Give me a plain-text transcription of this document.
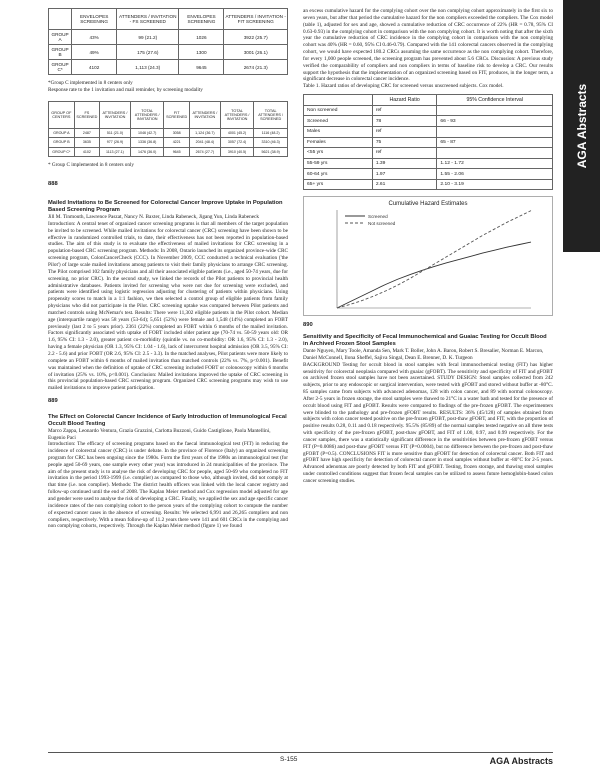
	ENVELOPES SCREENING	ATTENDERS / INVITATION - FS SCREENED	ENVELOPES SCREENING	ATTENDERS / INVITATION - FIT SCREENING
GROUP A	43%	99 (21.2)	1026	3922 (25.7)
GROUP B	49%	175 (27.6)	1300	3001 (26.1)
GROUP C*	4102	1,113 (24.3)	9645	2674 (21.3)

*Group C implemented in 8 centers only

Response rate to the 1 invitation and mail reminder, by screening modality

GROUP OF CENTERS	FS SCREENED	ATTENDERS / INVITATION	TOTAL ATTENDERS / INVITATION	FIT SCREENED	ATTENDERS / INVITATION	TOTAL ATTENDERS / INVITATION	TOTAL ATTENDERS / SCREENED
GROUP A	2487	511 (21.0)	1046 (42.7)	3058	1,124 (36.7)	4001 (45.2)	1116 (48.2)
GROUP B	3635	977 (26.9)	1336 (36.8)	4221	2041 (48.4)	3057 (72.4)	3310 (46.3)
GROUP C*	4102	1113 (27.1)	1476 (36.0)	9645	2674 (27.7)	3910 (40.5)	5621 (38.9)

* Group C implemented in 8 centers only

888

Mailed Invitations to Be Screened for Colorectal Cancer Improve Uptake in Population Based Screening Program

Jill M. Tinmouth, Lawrence Paszat, Nancy N. Baxter, Linda Rabeneck, Jigang Yun, Linda Rabeneck

Introduction: A central tenet of organized cancer screening programs is that all members of the target population be invited to be screened. While mailed invitations for colorectal cancer (CRC) screening have been shown to be effective in randomized controlled trials, to date, their effectiveness has not been reported in population-based studies. The aim of this study is to evaluate the effectiveness of mailed invitations for CRC screening in a population-based CRC screening program. Methods: In 2008, Ontario launched its organized province-wide CRC screening program, ColonCancerCheck (CCC). In November 2009, CCC conducted a technical evaluation ('the Pilot') of large scale mailed invitations among patients to visit their family physicians to arrange CRC screening. The Pilot comprised 102 family physicians and all their associated eligible patients (i.e., aged 50-74 years, due for screening, no prior CRC). In the second study, we linked the records of the Pilot patients to provincial health administrative databases. Patients invited for screening who were not due for screening were excluded, and patients were identified using logistic regression adjusting for clustering of patients within physicians. Using propensity scores to match in a 1:1 fashion, we then selected a control group of eligible patients from family physicians who did not participate in the Pilot. CRC screening uptake was compared between Pilot patients and matched controls using McNemar's test. Results: There were 11,302 eligible patients in the Pilot cohort. Median age (interquartile range) was 58 years (53-64); 5,651 (52%) were female and 1,548 (14%) completed an FOBT previously (last 2 to 5 years prior). 2361 (22%) completed an FOBT within 6 months of the mailed invitation. Factors significantly associated with uptake of FOBT included older patient age (70-74 vs. 50-59 years old: OR 1.6, 95% CI: 1.3 - 2.0), greater patient co-morbidity (quintile vs. no co-morbidity: OR 1.6, 95% CI: 1.3 - 2.0), having a female physician (OR 1.3, 95% CI: 1.04 - 1.6), lack of intercurrent hospital admission (OR 3.5, 95% CI: 2.2 - 5.6) and prior FOBT (OR 2.6, 95% CI: 2.5 - 3.3). In the matched analyses, Pilot patients were more likely to complete an FOBT within 6 months of mailed invitation than matched controls (22% vs. 7%, p<0.001). Benefit was maintained when the definition of uptake of CRC screening included FOBT or colonoscopy within 6 months of invitation (25% vs. 10%, p<0.001). Conclusion: Mailed invitations improved the uptake of CRC screening in this provincial population-based CRC screening program. Organized CRC screening programs may wish to use mailed invitations to improve patient participation.

889

The Effect on Colorectal Cancer Incidence of Early Introduction of Immunological Fecal Occult Blood Testing

Marco Zappa, Leonardo Ventura, Grazia Grazzini, Carlotta Buzzoni, Guido Castiglione, Paola Mantellini, Eugenio Paci

Introduction: The efficacy of screening programs based on the faecal immunological test (FIT) in reducing the incidence of colorectal cancer (CRC) is under debate. In the province of Florence (Italy) an organized screening program for CRC has been ongoing since the 1980s. Form the first years of the 1980s an immunological test (for people aged 50-69 years, one sample every other year) was introduced in 24 municipalities of the province. The aim of the present study is to analyse the risk of developing CRC for people, aged 50-69 who completed no FIT invitation in the period 1993-1999 (i.e. complier) as compared to those who, although invited, did not comply at that time (i.e. non complier). Methods: The district health officers was linked with the local cancer registry and follow-up continued until the end of 2008. The Kaplan Meier method and Cox regression model adjusted for age and gender were used to analyse the risk of developing a CRC. Finally, we applied the sex and age specific cancer incidence rates of the non complying cohort to the person years of the complying cohort to compute the number of expected cancer cases in the absence of screening. Results: We selected 6,991 and 26,265 compliers and non compliers, respectively. With a mean follow-up of 11.2 years there were 141 and 601 CRCs in the complying and non complying cohorts, respectively. Through the Kaplan Meier method (figure 1) we found

an excess cumulative hazard for the complying cohort over the non complying cohort approximately in the first six to seven years, but after that period the cumulative hazard for the non compliers exceeded the compliers. The Cox model (table 1), adjusted for sex and age, showed a cumulative reduction of CRC occurrence of 22% (HR = 0.78, 95% CI 0.63-0.93) in the complying cohort in comparison with the non complying cohort. It is worth noting that after the sixth year the cumulative reduction of CRC incidence in the complying cohort in comparison with the non complying cohort was 40% (HR = 0.60, 95% CI 0.46-0.79). Compared with the 141 colorectal cancers observed in the complying cohort, we would have expected 180.2 CRCs assuming the same occurrence as the non complying cohort. Therefore, for every 1,000 people screened, the screening program has prevented about 5.6 CRCs. Discussion: A previous study verified the comparability of compliers and non compliers in terms of baseline risk to develop a CRC. Our results support the hypothesis that the implementation of an organized screening based on FIT, produces, in the longer term, a significant decrease in colorectal cancer incidence.

Table 1. Hazard ratios of developing CRC for screened versus unscreened subjects. Cox model.

	Hazard Ratio	95% Confidence Interval
Non screened	ref	
Screened	78	66 - 93
Males	ref	
Females	75	65 - 87
<55 yrs	ref	
55-59 yrs	1.39	1.12 - 1.72
60-64 yrs	1.97	1.55 - 2.06
65+ yrs	2.61	2.10 - 3.19
Cumulative Hazard Estimates
Screened
Not screened

890

Sensitivity and Specificity of Fecal Immunochemical and Guaiac Testing for Occult Blood in Archived Frozen Stool Samples

Dante Nguyen, Mary Toole, Amanda Sen, Mark T. Boller, John A. Baron, Robert S. Bresalier, Norman E. Marcon, Daniel McConnell, Ilona Sheffel, Sajiva Singal, Dean E. Brenner, D. K. Turgeon

BACKGROUND Testing for occult blood in stool samples with fecal immunochemical testing (FIT) has higher sensitivity for colorectal neoplasia compared with guaiac (gFOBT). The sensitivity and specificity of FIT and gFOBT on archived frozen stool samples have not been ascertained. STUDY DESIGN: Stool samples collected from 242 subjects, prior to any endoscopic or surgical intervention, were tested with gFOBT and stored without buffer at -80°C. 85 samples came from subjects with advanced adenomas, 128 with colon cancer, and 89 with normal colonoscopy. After 2-5 years in frozen storage, the stool samples were thawed to 21°C in a water bath and tested for the presence of occult blood using FIT and gFOBT. Results were compared to findings of the pre-frozen gFOBT. The experimenters were blinded to the pathology and pre-frozen gFOBT results. RESULTS: 36% (45/128) of samples obtained from subjects with colon cancer tested positive on the pre-frozen gFOBT, post-thaw gFOBT, and FIT, with the proportion of positive results 0.28, 0.11 and 0.18 respectively. 95.5% (85/89) of the normal samples tested negative on all three tests with specificity of the pre-frozen gFOBT, post-thaw gFOBT, and FIT of 1.00, 0.97, and 0.99 respectively. For the cancer samples, there was a statistically significant difference in the sensitivities between pre-frozen gFOBT versus FIT (P=0.0086) and post-thaw gFOBT versus FIT (P=0.0004), but no difference between the pre-frozen and post-thaw gFOBT (P=0.5). CONCLUSIONS FIT is more sensitive than gFOBT for detection of colorectal cancer. Both FIT and gFOBT have high specificity for detection of colorectal cancer in stool samples without buffer at -80°C for 2-5 years. Advanced adenomas are poorly detected by both FIT and gFOBT. Testing, frozen storage, and thawing stool samples under controlled conditions suggest that frozen fecal samples can be utilized to assess future hemoglobin-based colon cancer screening studies.

AGA Abstracts
S-155	AGA Abstracts
